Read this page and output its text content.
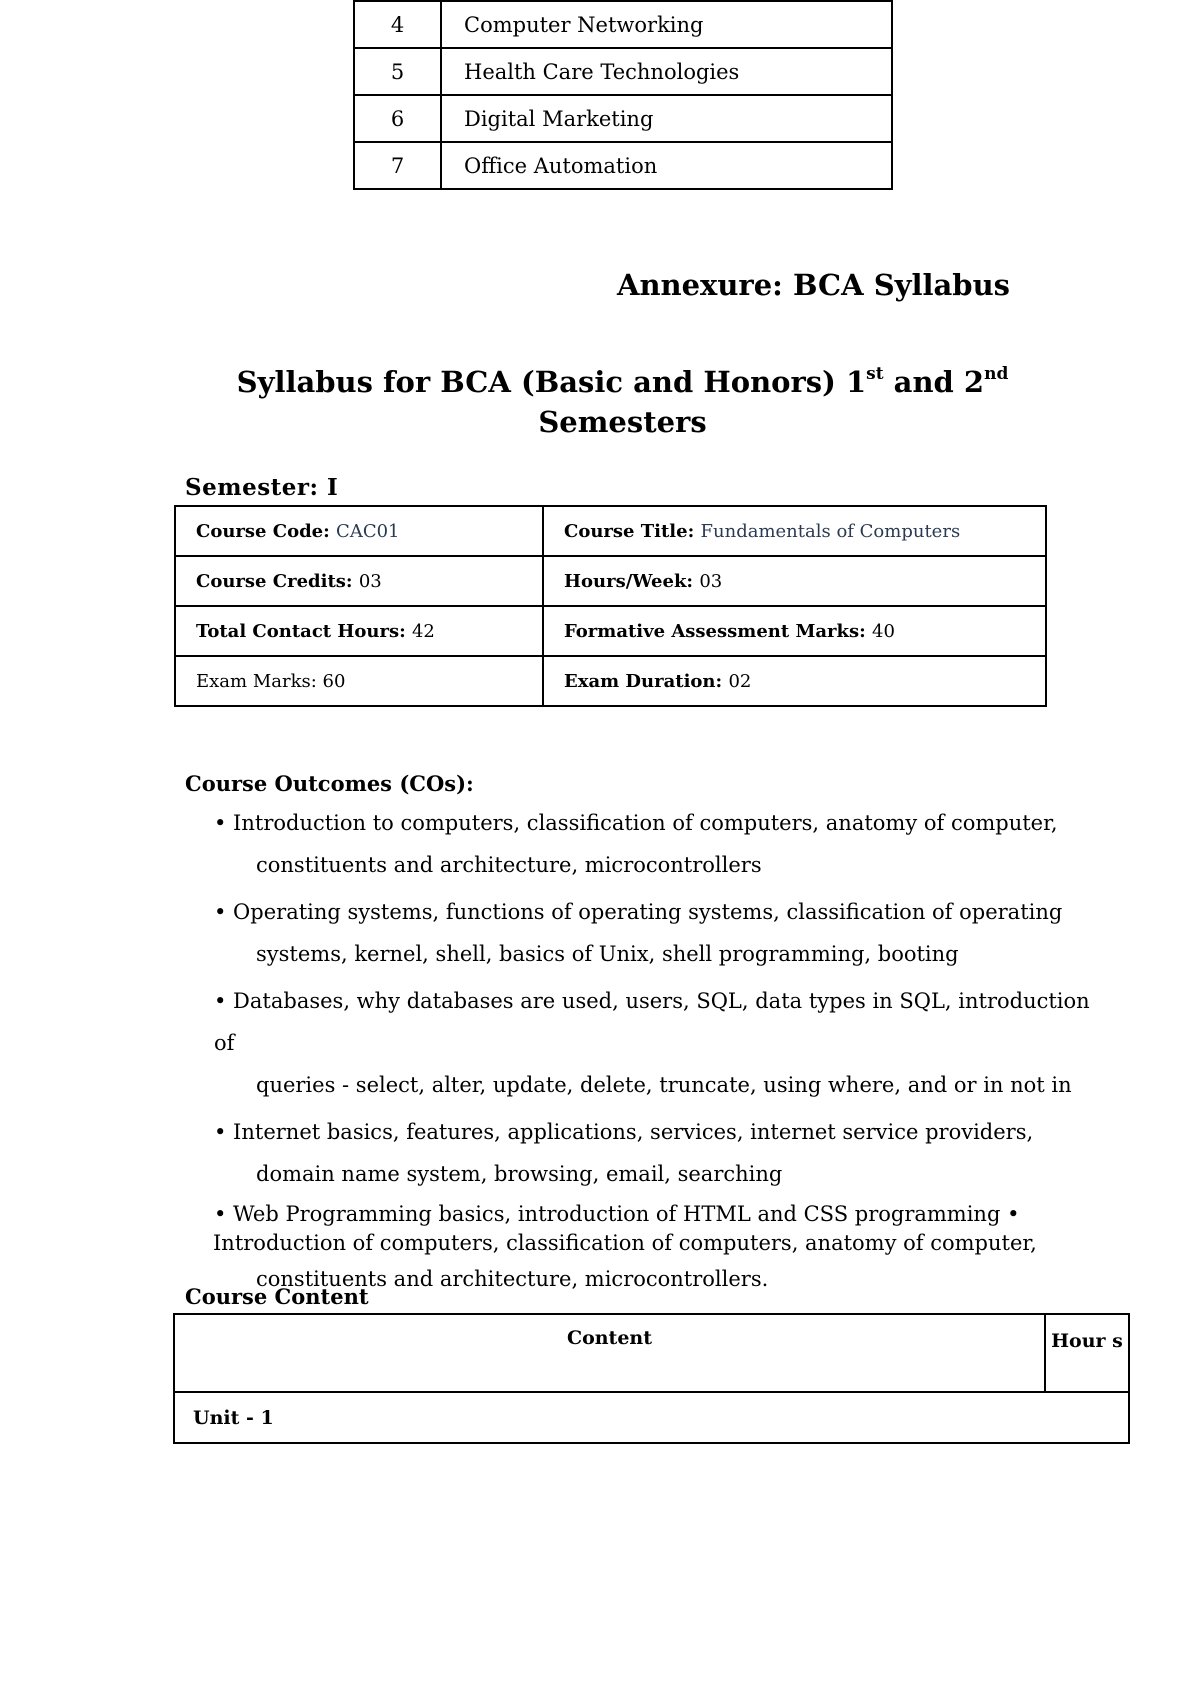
4	Computer Networking
5	Health Care Technologies
6	Digital Marketing
7	Office Automation
Annexure: BCA Syllabus
Syllabus for BCA (Basic and Honors) 1st and 2nd
Semesters
Semester: I
Course Code: CAC01	Course Title: Fundamentals of Computers
Course Credits: 03	Hours/Week: 03
Total Contact Hours: 42	Formative Assessment Marks: 40
Exam Marks: 60	Exam Duration: 02
Course Outcomes (COs):
• Introduction to computers, classification of computers, anatomy of computer,
constituents and architecture, microcontrollers
• Operating systems, functions of operating systems, classification of operating
systems, kernel, shell, basics of Unix, shell programming, booting
• Databases, why databases are used, users, SQL, data types in SQL, introduction of
queries - select, alter, update, delete, truncate, using where, and or in not in
• Internet basics, features, applications, services, internet service providers,
domain name system, browsing, email, searching
• Web Programming basics, introduction of HTML and CSS programming •
Introduction of computers, classification of computers, anatomy of computer,
constituents and architecture, microcontrollers.
Course Content
Content	Hour s
Unit - 1
